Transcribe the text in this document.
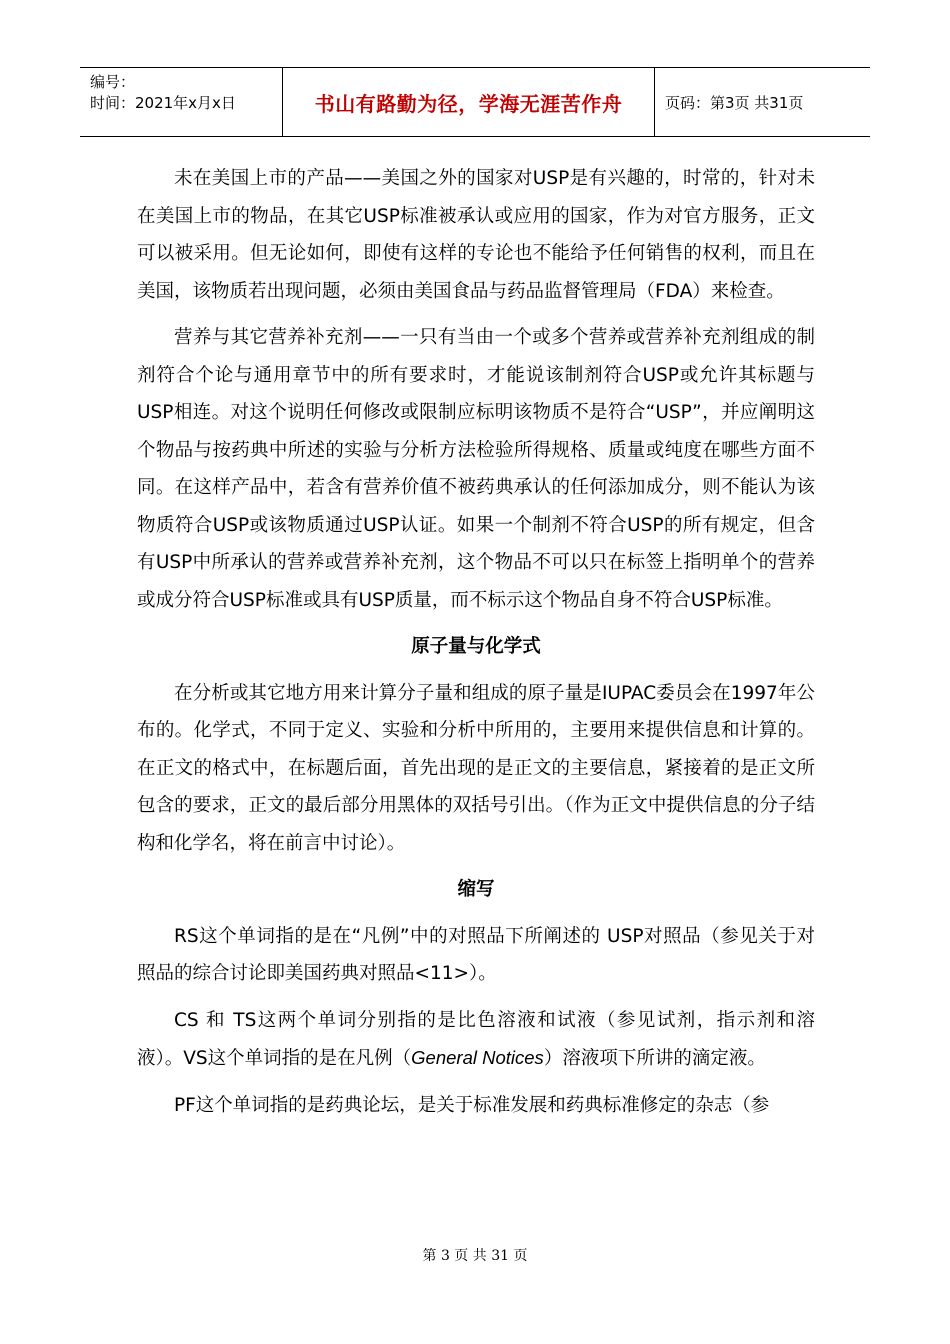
编号：
时间：2021年x月x日	书山有路勤为径，学海无涯苦作舟	页码：第3页 共31页

未在美国上市的产品——美国之外的国家对USP是有兴趣的，时常的，针对未在美国上市的物品，在其它USP标准被承认或应用的国家，作为对官方服务，正文可以被采用。但无论如何，即使有这样的专论也不能给予任何销售的权利，而且在美国，该物质若出现问题，必须由美国食品与药品监督管理局（FDA）来检查。

营养与其它营养补充剂——一只有当由一个或多个营养或营养补充剂组成的制剂符合个论与通用章节中的所有要求时，才能说该制剂符合USP或允许其标题与USP相连。对这个说明任何修改或限制应标明该物质不是符合“USP”，并应阐明这个物品与按药典中所述的实验与分析方法检验所得规格、质量或纯度在哪些方面不同。在这样产品中，若含有营养价值不被药典承认的任何添加成分，则不能认为该物质符合USP或该物质通过USP认证。如果一个制剂不符合USP的所有规定，但含有USP中所承认的营养或营养补充剂，这个物品不可以只在标签上指明单个的营养或成分符合USP标准或具有USP质量，而不标示这个物品自身不符合USP标准。

原子量与化学式

在分析或其它地方用来计算分子量和组成的原子量是IUPAC委员会在1997年公布的。化学式，不同于定义、实验和分析中所用的，主要用来提供信息和计算的。在正文的格式中，在标题后面，首先出现的是正文的主要信息，紧接着的是正文所包含的要求，正文的最后部分用黑体的双括号引出。（作为正文中提供信息的分子结构和化学名，将在前言中讨论）。

缩写

RS这个单词指的是在“凡例”中的对照品下所阐述的 USP对照品（参见关于对照品的综合讨论即美国药典对照品<11>）。

CS 和 TS这两个单词分别指的是比色溶液和试液（参见试剂，指示剂和溶液）。VS这个单词指的是在凡例（General Notices）溶液项下所讲的滴定液。

PF这个单词指的是药典论坛，是关于标准发展和药典标准修定的杂志（参

第 3 页 共 31 页
